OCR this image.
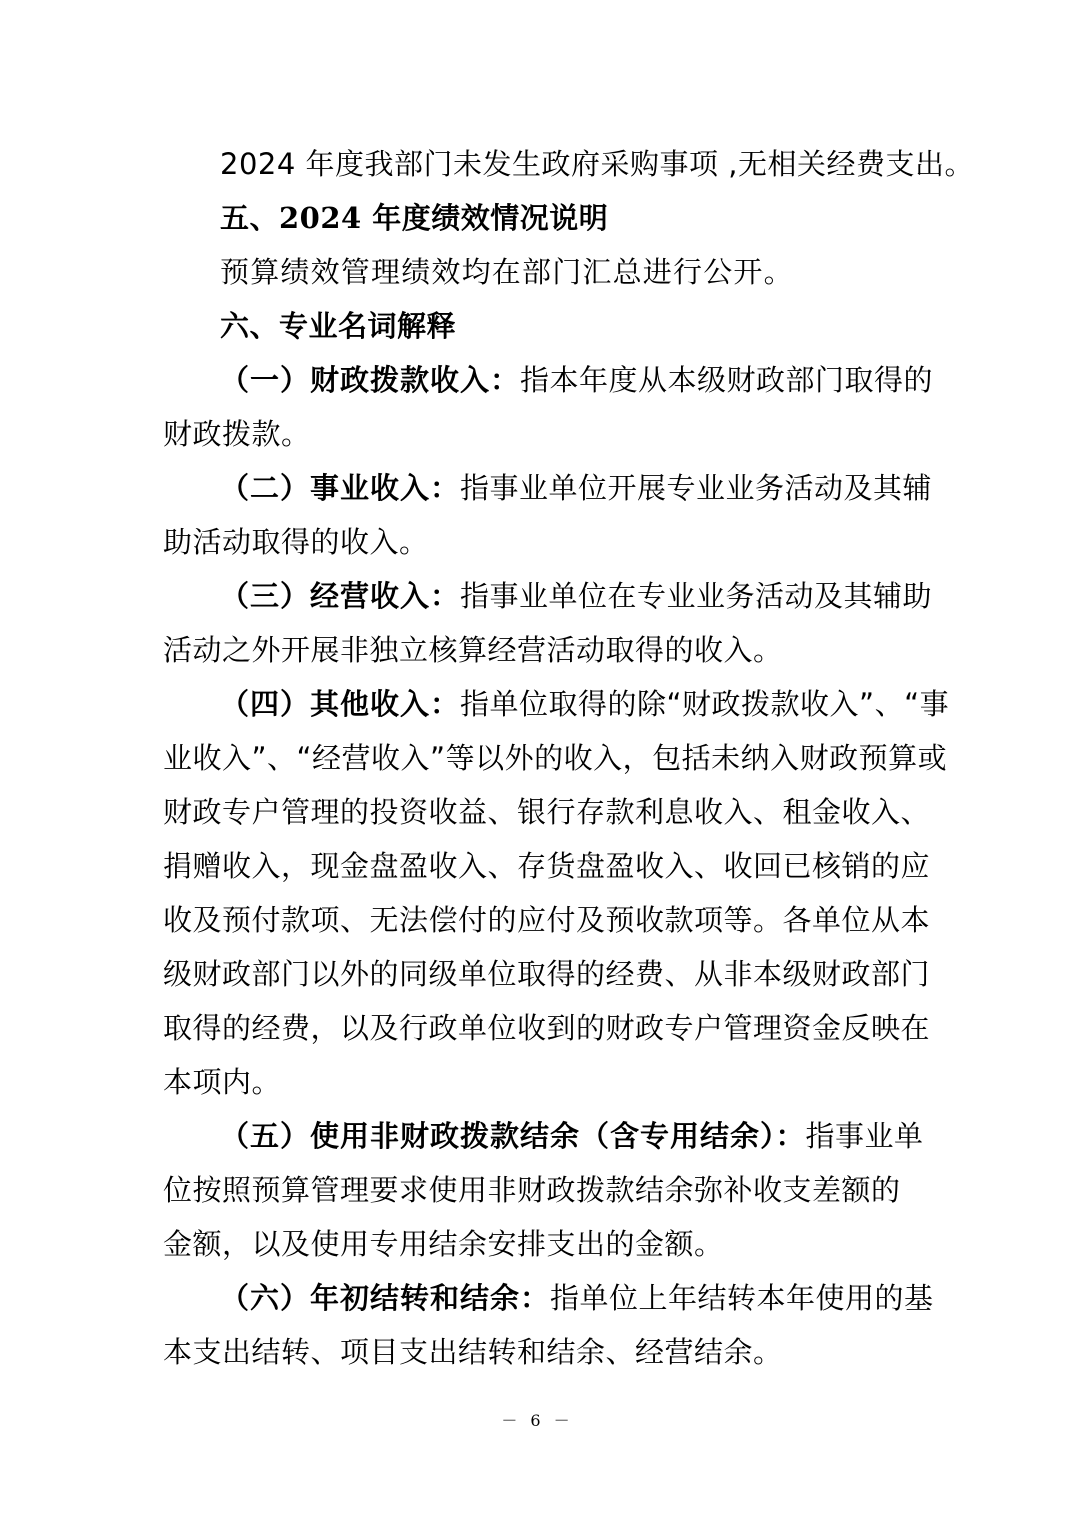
2024 年度我部门未发生政府采购事项 ,无相关经费支出。
五、2024 年度绩效情况说明
预算绩效管理绩效均在部门汇总进行公开。
六、专业名词解释
（一）财政拨款收入：指本年度从本级财政部门取得的
财政拨款。
（二）事业收入：指事业单位开展专业业务活动及其辅
助活动取得的收入。
（三）经营收入：指事业单位在专业业务活动及其辅助
活动之外开展非独立核算经营活动取得的收入。
（四）其他收入：指单位取得的除“财政拨款收入”、“事
业收入”、“经营收入”等以外的收入，包括未纳入财政预算或
财政专户管理的投资收益、银行存款利息收入、租金收入、
捐赠收入，现金盘盈收入、存货盘盈收入、收回已核销的应
收及预付款项、无法偿付的应付及预收款项等。各单位从本
级财政部门以外的同级单位取得的经费、从非本级财政部门
取得的经费，以及行政单位收到的财政专户管理资金反映在
本项内。
（五）使用非财政拨款结余（含专用结余）：指事业单
位按照预算管理要求使用非财政拨款结余弥补收支差额的
金额，以及使用专用结余安排支出的金额。
（六）年初结转和结余：指单位上年结转本年使用的基
本支出结转、项目支出结转和结余、经营结余。
－ 6 －
